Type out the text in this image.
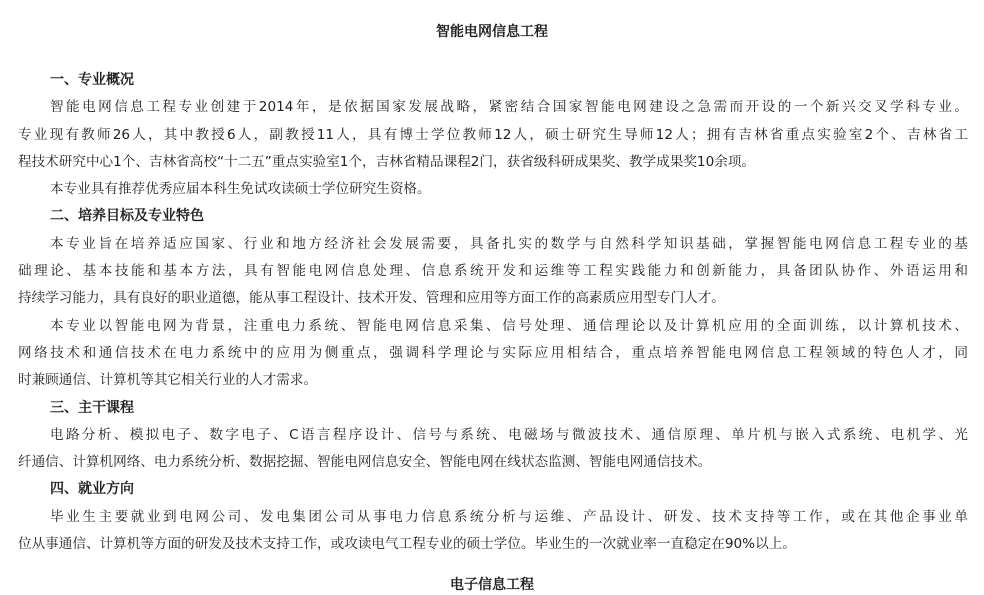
智能电网信息工程
一、专业概况
智能电网信息工程专业创建于2014年，是依据国家发展战略，紧密结合国家智能电网建设之急需而开设的一个新兴交叉学科专业。
专业现有教师26人，其中教授6人，副教授11人，具有博士学位教师12人，硕士研究生导师12人；拥有吉林省重点实验室2个、吉林省工
程技术研究中心1个、吉林省高校“十二五”重点实验室1个，吉林省精品课程2门，获省级科研成果奖、教学成果奖10余项。
本专业具有推荐优秀应届本科生免试攻读硕士学位研究生资格。
二、培养目标及专业特色
本专业旨在培养适应国家、行业和地方经济社会发展需要，具备扎实的数学与自然科学知识基础，掌握智能电网信息工程专业的基
础理论、基本技能和基本方法，具有智能电网信息处理、信息系统开发和运维等工程实践能力和创新能力，具备团队协作、外语运用和
持续学习能力，具有良好的职业道德，能从事工程设计、技术开发、管理和应用等方面工作的高素质应用型专门人才。
本专业以智能电网为背景，注重电力系统、智能电网信息采集、信号处理、通信理论以及计算机应用的全面训练，以计算机技术、
网络技术和通信技术在电力系统中的应用为侧重点，强调科学理论与实际应用相结合，重点培养智能电网信息工程领域的特色人才，同
时兼顾通信、计算机等其它相关行业的人才需求。
三、主干课程
电路分析、模拟电子、数字电子、C语言程序设计、信号与系统、电磁场与微波技术、通信原理、单片机与嵌入式系统、电机学、光
纤通信、计算机网络、电力系统分析、数据挖掘、智能电网信息安全、智能电网在线状态监测、智能电网通信技术。
四、就业方向
毕业生主要就业到电网公司、发电集团公司从事电力信息系统分析与运维、产品设计、研发、技术支持等工作，或在其他企事业单
位从事通信、计算机等方面的研发及技术支持工作，或攻读电气工程专业的硕士学位。毕业生的一次就业率一直稳定在90%以上。
电子信息工程
